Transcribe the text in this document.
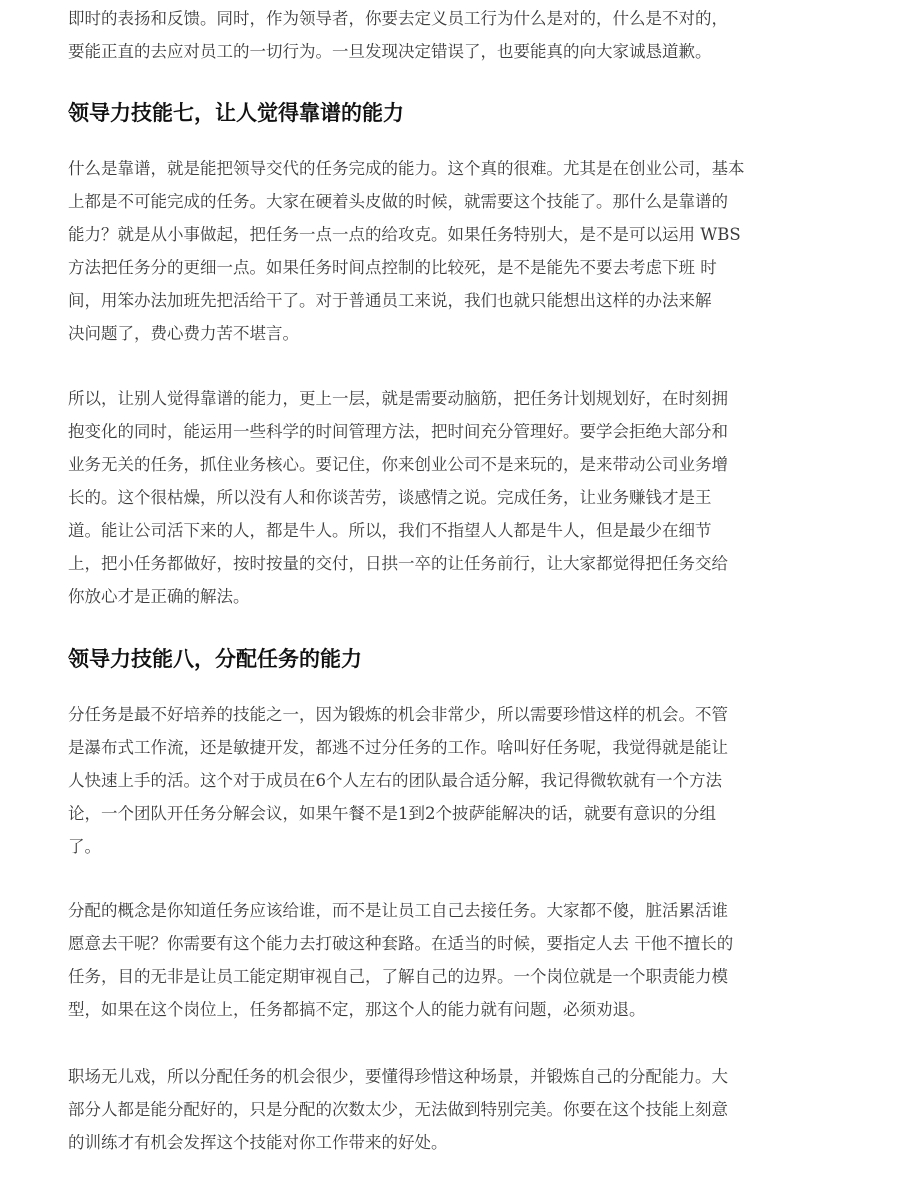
即时的表扬和反馈。同时，作为领导者，你要去定义员工行为什么是对的，什么是不对的，
要能正直的去应对员工的一切行为。一旦发现决定错误了，也要能真的向大家诚恳道歉。

领导力技能七，让人觉得靠谱的能力

什么是靠谱，就是能把领导交代的任务完成的能力。这个真的很难。尤其是在创业公司，基本
上都是不可能完成的任务。大家在硬着头皮做的时候，就需要这个技能了。那什么是靠谱的
能力？就是从小事做起，把任务一点一点的给攻克。如果任务特别大，是不是可以运用 WBS
方法把任务分的更细一点。如果任务时间点控制的比较死，是不是能先不要去考虑下班 时
间，用笨办法加班先把活给干了。对于普通员工来说，我们也就只能想出这样的办法来解
决问题了，费心费力苦不堪言。

所以，让别人觉得靠谱的能力，更上一层，就是需要动脑筋，把任务计划规划好，在时刻拥
抱变化的同时，能运用一些科学的时间管理方法，把时间充分管理好。要学会拒绝大部分和
业务无关的任务，抓住业务核心。要记住，你来创业公司不是来玩的，是来带动公司业务增
长的。这个很枯燥，所以没有人和你谈苦劳，谈感情之说。完成任务，让业务赚钱才是王
道。能让公司活下来的人，都是牛人。所以，我们不指望人人都是牛人，但是最少在细节
上，把小任务都做好，按时按量的交付，日拱一卒的让任务前行，让大家都觉得把任务交给
你放心才是正确的解法。

领导力技能八，分配任务的能力

分任务是最不好培养的技能之一，因为锻炼的机会非常少，所以需要珍惜这样的机会。不管
是瀑布式工作流，还是敏捷开发，都逃不过分任务的工作。啥叫好任务呢，我觉得就是能让
人快速上手的活。这个对于成员在6个人左右的团队最合适分解，我记得微软就有一个方法
论，一个团队开任务分解会议，如果午餐不是1到2个披萨能解决的话，就要有意识的分组
了。

分配的概念是你知道任务应该给谁，而不是让员工自己去接任务。大家都不傻，脏活累活谁
愿意去干呢？你需要有这个能力去打破这种套路。在适当的时候，要指定人去 干他不擅长的
任务，目的无非是让员工能定期审视自己，了解自己的边界。一个岗位就是一个职责能力模
型，如果在这个岗位上，任务都搞不定，那这个人的能力就有问题，必须劝退。

职场无儿戏，所以分配任务的机会很少，要懂得珍惜这种场景，并锻炼自己的分配能力。大
部分人都是能分配好的，只是分配的次数太少，无法做到特别完美。你要在这个技能上刻意
的训练才有机会发挥这个技能对你工作带来的好处。
